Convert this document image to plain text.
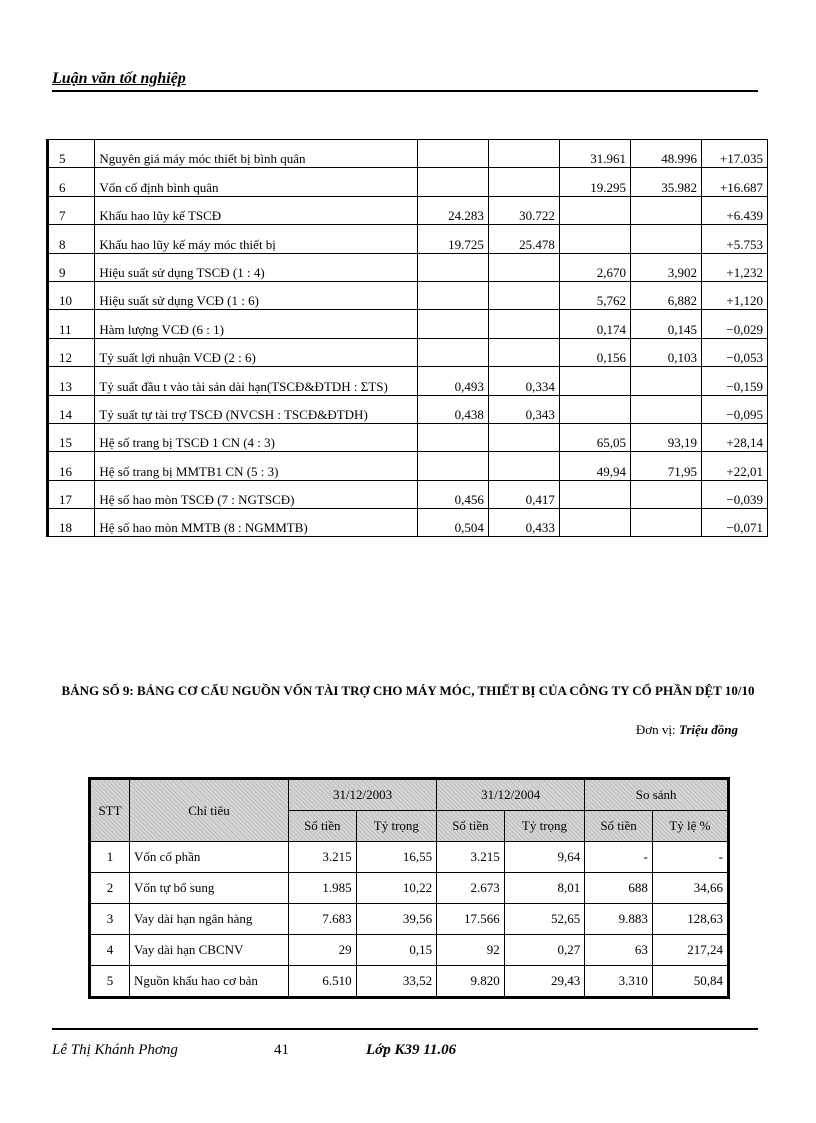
Luận văn tốt nghiệp
5	Nguyên giá máy móc thiết bị bình quân			31.961	48.996	+17.035
6	Vốn cố định bình quân			19.295	35.982	+16.687
7	Khấu hao lũy kế TSCĐ	24.283	30.722			+6.439
8	Khấu hao lũy kế máy móc thiết bị	19.725	25.478			+5.753
9	Hiệu suất sử dụng TSCĐ (1 : 4)			2,670	3,902	+1,232
10	Hiệu suất sử dụng VCĐ (1 : 6)			5,762	6,882	+1,120
11	Hàm lượng VCĐ (6 : 1)			0,174	0,145	−0,029
12	Tỷ suất lợi nhuận VCĐ (2 : 6)			0,156	0,103	−0,053
13	Tỷ suất đầu t vào tài sản dài hạn(TSCĐ&ĐTDH : ΣTS)	0,493	0,334			−0,159
14	Tỷ suất tự tài trợ TSCĐ (NVCSH : TSCĐ&ĐTDH)	0,438	0,343			−0,095
15	Hệ số trang bị TSCĐ 1 CN (4 : 3)			65,05	93,19	+28,14
16	Hệ số trang bị MMTB1 CN (5 : 3)			49,94	71,95	+22,01
17	Hệ số hao mòn TSCĐ (7 : NGTSCĐ)	0,456	0,417			−0,039
18	Hệ số hao mòn MMTB (8 : NGMMTB)	0,504	0,433			−0,071
BẢNG SỐ 9: BẢNG CƠ CẤU NGUỒN VỐN TÀI TRỢ CHO MÁY MÓC, THIẾT BỊ CỦA CÔNG TY CỔ PHẦN DỆT 10/10
Đơn vị: Triệu đồng
STT	Chỉ tiêu	31/12/2003		31/12/2004		So sánh	
		Số tiền	Tỷ trọng	Số tiền	Tỷ trọng	Số tiền	Tỷ lệ %
1	Vốn cổ phần	3.215	16,55	3.215	9,64	-	-
2	Vốn tự bổ sung	1.985	10,22	2.673	8,01	688	34,66
3	Vay dài hạn ngân hàng	7.683	39,56	17.566	52,65	9.883	128,63
4	Vay dài hạn CBCNV	29	0,15	92	0,27	63	217,24
5	Nguồn khấu hao cơ bản	6.510	33,52	9.820	29,43	3.310	50,84
Lê Thị Khánh Phơng	41	Lớp K39 11.06
